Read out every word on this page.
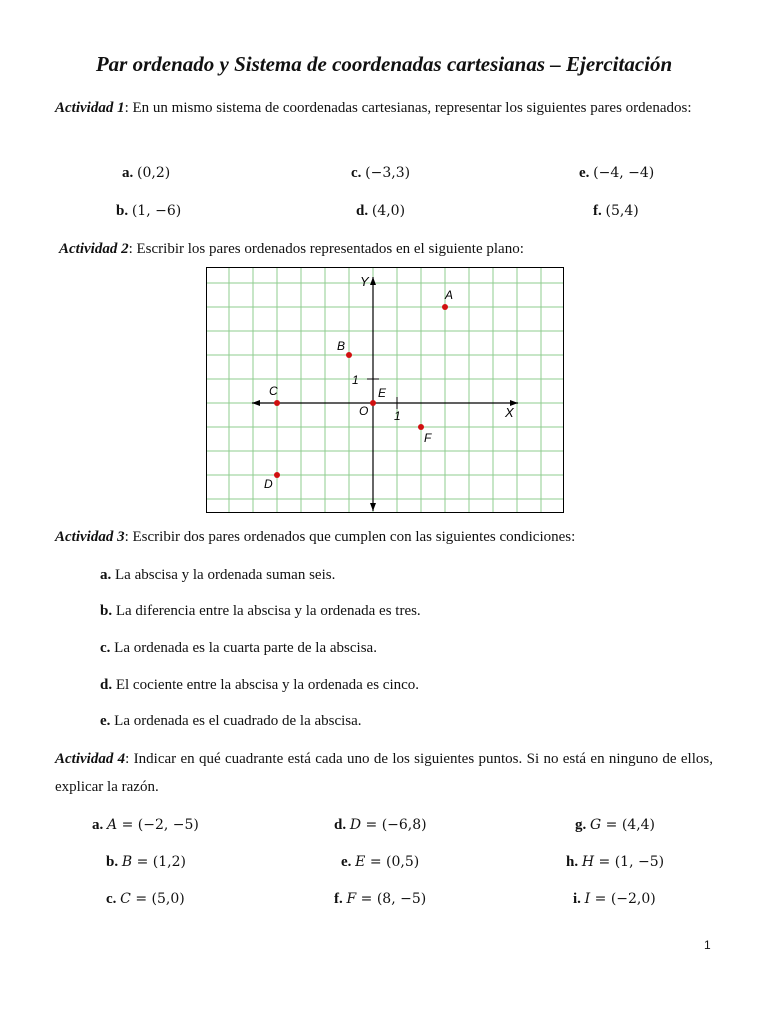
Par ordenado y Sistema de coordenadas cartesianas – Ejercitación
Actividad 1: En un mismo sistema de coordenadas cartesianas, representar los siguientes pares ordenados:
a. (0,2)
b. (1, −6)
c. (−3,3)
d. (4,0)
e. (−4, −4)
f. (5,4)
Actividad 2: Escribir los pares ordenados representados en el siguiente plano:
Y
X
O 1
1
A
B
C
D
E
F
Actividad 3: Escribir dos pares ordenados que cumplen con las siguientes condiciones:
a. La abscisa y la ordenada suman seis.
b. La diferencia entre la abscisa y la ordenada es tres.
c. La ordenada es la cuarta parte de la abscisa.
d. El cociente entre la abscisa y la ordenada es cinco.
e. La ordenada es el cuadrado de la abscisa.
Actividad 4: Indicar en qué cuadrante está cada uno de los siguientes puntos. Si no está en ninguno de ellos, explicar la razón.
a. A = (−2, −5)
b. B = (1,2)
c. C = (5,0)
d. D = (−6,8)
e. E = (0,5)
f. F = (8, −5)
g. G = (4,4)
h. H = (1, −5)
i. I = (−2,0)
1
